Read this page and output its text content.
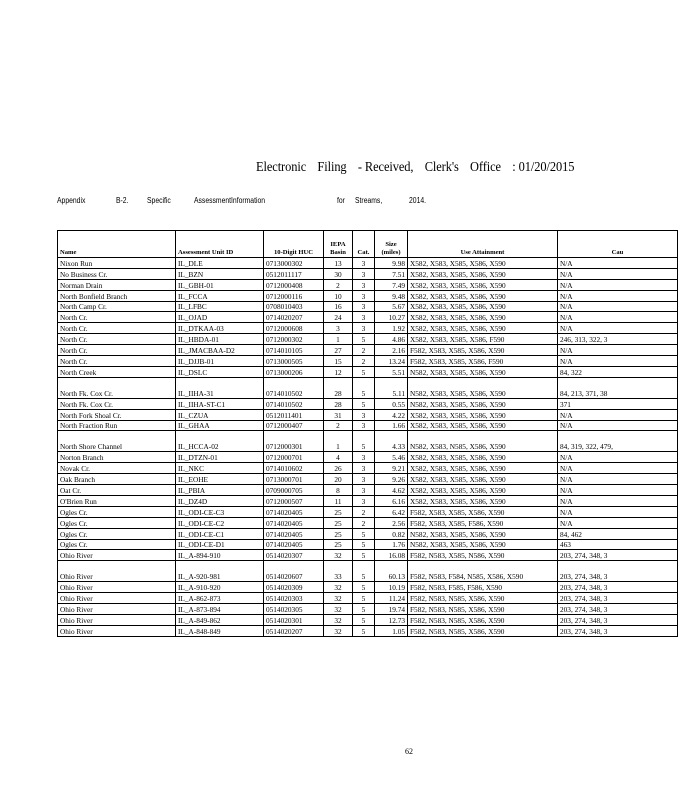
Electronic Filing - Received, Clerk's Office : 01/20/2015
Appendix	B-2. Specific	AssessmentInformation	for Streams,	2014.
Name	Assessment Unit ID	10-Digit HUC	IEPA Basin	Cat.	Size (miles)	Use Attainment	Cau
Nixon Run	IL_DLE	0713000302	13	3	9.98	X582, X583, X585, X586, X590	N/A
No Business Cr.	IL_BZN	0512011117	30	3	7.51	X582, X583, X585, X586, X590	N/A
Norman Drain	IL_GBH-01	0712000408	2	3	7.49	X582, X583, X585, X586, X590	N/A
North Bonfield Branch	IL_FCCA	0712000116	10	3	9.48	X582, X583, X585, X586, X590	N/A
North Camp Cr.	IL_LFBC	0708010403	16	3	5.67	X582, X583, X585, X586, X590	N/A
North Cr.	IL_OJAD	0714020207	24	3	10.27	X582, X583, X585, X586, X590	N/A
North Cr.	IL_DTKAA-03	0712000608	3	3	1.92	X582, X583, X585, X586, X590	N/A
North Cr.	IL_HBDA-01	0712000302	1	5	4.86	X582, X583, X585, X586, F590	246, 313, 322, 3
North Cr.	IL_JMACBAA-D2	0714010105	27	2	2.16	F582, X583, X585, X586, X590	N/A
North Cr.	IL_DJJB-01	0713000505	15	2	13.24	F582, X583, X585, X586, F590	N/A
North Creek	IL_DSLC	0713000206	12	5	5.51	N582, X583, X585, X586, X590	84, 322
North Fk. Cox Cr.	IL_IIHA-31	0714010502	28	5	5.11	N582, X583, X585, X586, X590	84, 213, 371, 38
North Fk. Cox Cr.	IL_IIHA-ST-C1	0714010502	28	5	0.55	N582, X583, X585, X586, X590	371
North Fork Shoal Cr.	IL_CZUA	0512011401	31	3	4.22	X582, X583, X585, X586, X590	N/A
North Fraction Run	IL_GHAA	0712000407	2	3	1.66	X582, X583, X585, X586, X590	N/A
North Shore Channel	IL_HCCA-02	0712000301	1	5	4.33	N582, X583, N585, X586, X590	84, 319, 322, 479,
Norton Branch	IL_DTZN-01	0712000701	4	3	5.46	X582, X583, X585, X586, X590	N/A
Novak Cr.	IL_NKC	0714010602	26	3	9.21	X582, X583, X585, X586, X590	N/A
Oak Branch	IL_EOHE	0713000701	20	3	9.26	X582, X583, X585, X586, X590	N/A
Oat Cr.	IL_PBIA	0709000705	8	3	4.62	X582, X583, X585, X586, X590	N/A
O'Brien Run	IL_DZ4D	0712000507	11	3	6.16	X582, X583, X585, X586, X590	N/A
Ogles Cr.	IL_ODI-CE-C3	0714020405	25	2	6.42	F582, X583, X585, X586, X590	N/A
Ogles Cr.	IL_ODI-CE-C2	0714020405	25	2	2.56	F582, X583, X585, F586, X590	N/A
Ogles Cr.	IL_ODI-CE-C1	0714020405	25	5	0.82	N582, X583, X585, X586, X590	84, 462
Ogles Cr.	IL_ODI-CE-D1	0714020405	25	5	1.76	N582, X583, X585, X586, X590	463
Ohio River	IL_A-894-910	0514020307	32	5	16.08	F582, N583, X585, N586, X590	203, 274, 348, 3
Ohio River	IL_A-920-981	0514020607	33	5	60.13	F582, N583, F584, N585, X586, X590	203, 274, 348, 3
Ohio River	IL_A-910-920	0514020309	32	5	10.19	F582, N583, F585, F586, X590	203, 274, 348, 3
Ohio River	IL_A-862-873	0514020303	32	5	11.24	F582, N583, N585, X586, X590	203, 274, 348, 3
Ohio River	IL_A-873-894	0514020305	32	5	19.74	F582, N583, N585, X586, X590	203, 274, 348, 3
Ohio River	IL_A-849-862	0514020301	32	5	12.73	F582, N583, N585, X586, X590	203, 274, 348, 3
Ohio River	IL_A-848-849	0514020207	32	5	1.05	F582, N583, N585, X586, X590	203, 274, 348, 3
62
